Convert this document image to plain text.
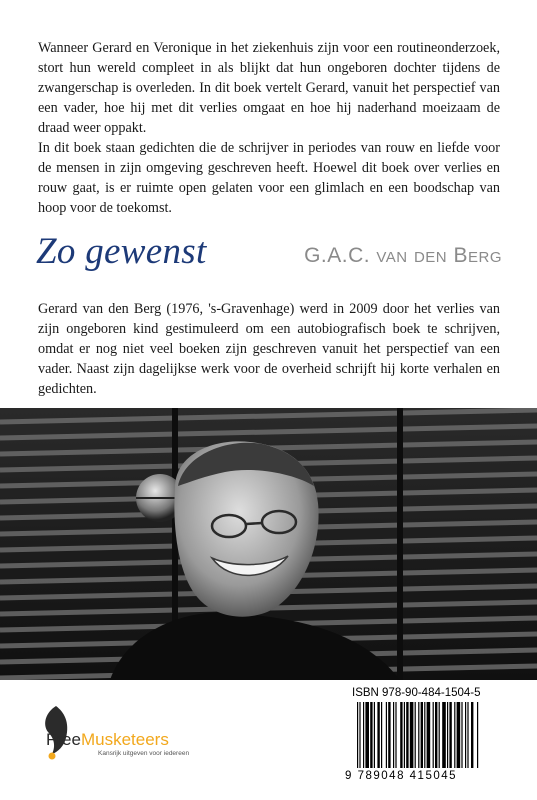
Wanneer Gerard en Veronique in het ziekenhuis zijn voor een routineonderzoek, stort hun wereld compleet in als blijkt dat hun ongeboren dochter tijdens de zwangerschap is overleden. In dit boek vertelt Gerard, vanuit het perspectief van een vader, hoe hij met dit verlies omgaat en hoe hij naderhand moeizaam de draad weer oppakt.

In dit boek staan gedichten die de schrijver in periodes van rouw en liefde voor de mensen in zijn omgeving geschreven heeft. Hoewel dit boek over verlies en rouw gaat, is er ruimte open gelaten voor een glimlach en een boodschap van hoop voor de toekomst.

Zo gewenst	G.A.C. van den Berg

Gerard van den Berg (1976, 's-Gravenhage) werd in 2009 door het verlies van zijn ongeboren kind gestimuleerd om een autobiografisch boek te schrijven, omdat er nog niet veel boeken zijn geschreven vanuit het perspectief van een vader. Naast zijn dagelijkse werk voor de overheid schrijft hij korte verhalen en gedichten.

FreeMusketeers
Kansrijk uitgeven voor iedereen
ISBN 978-90-484-1504-5
9 789048 415045
